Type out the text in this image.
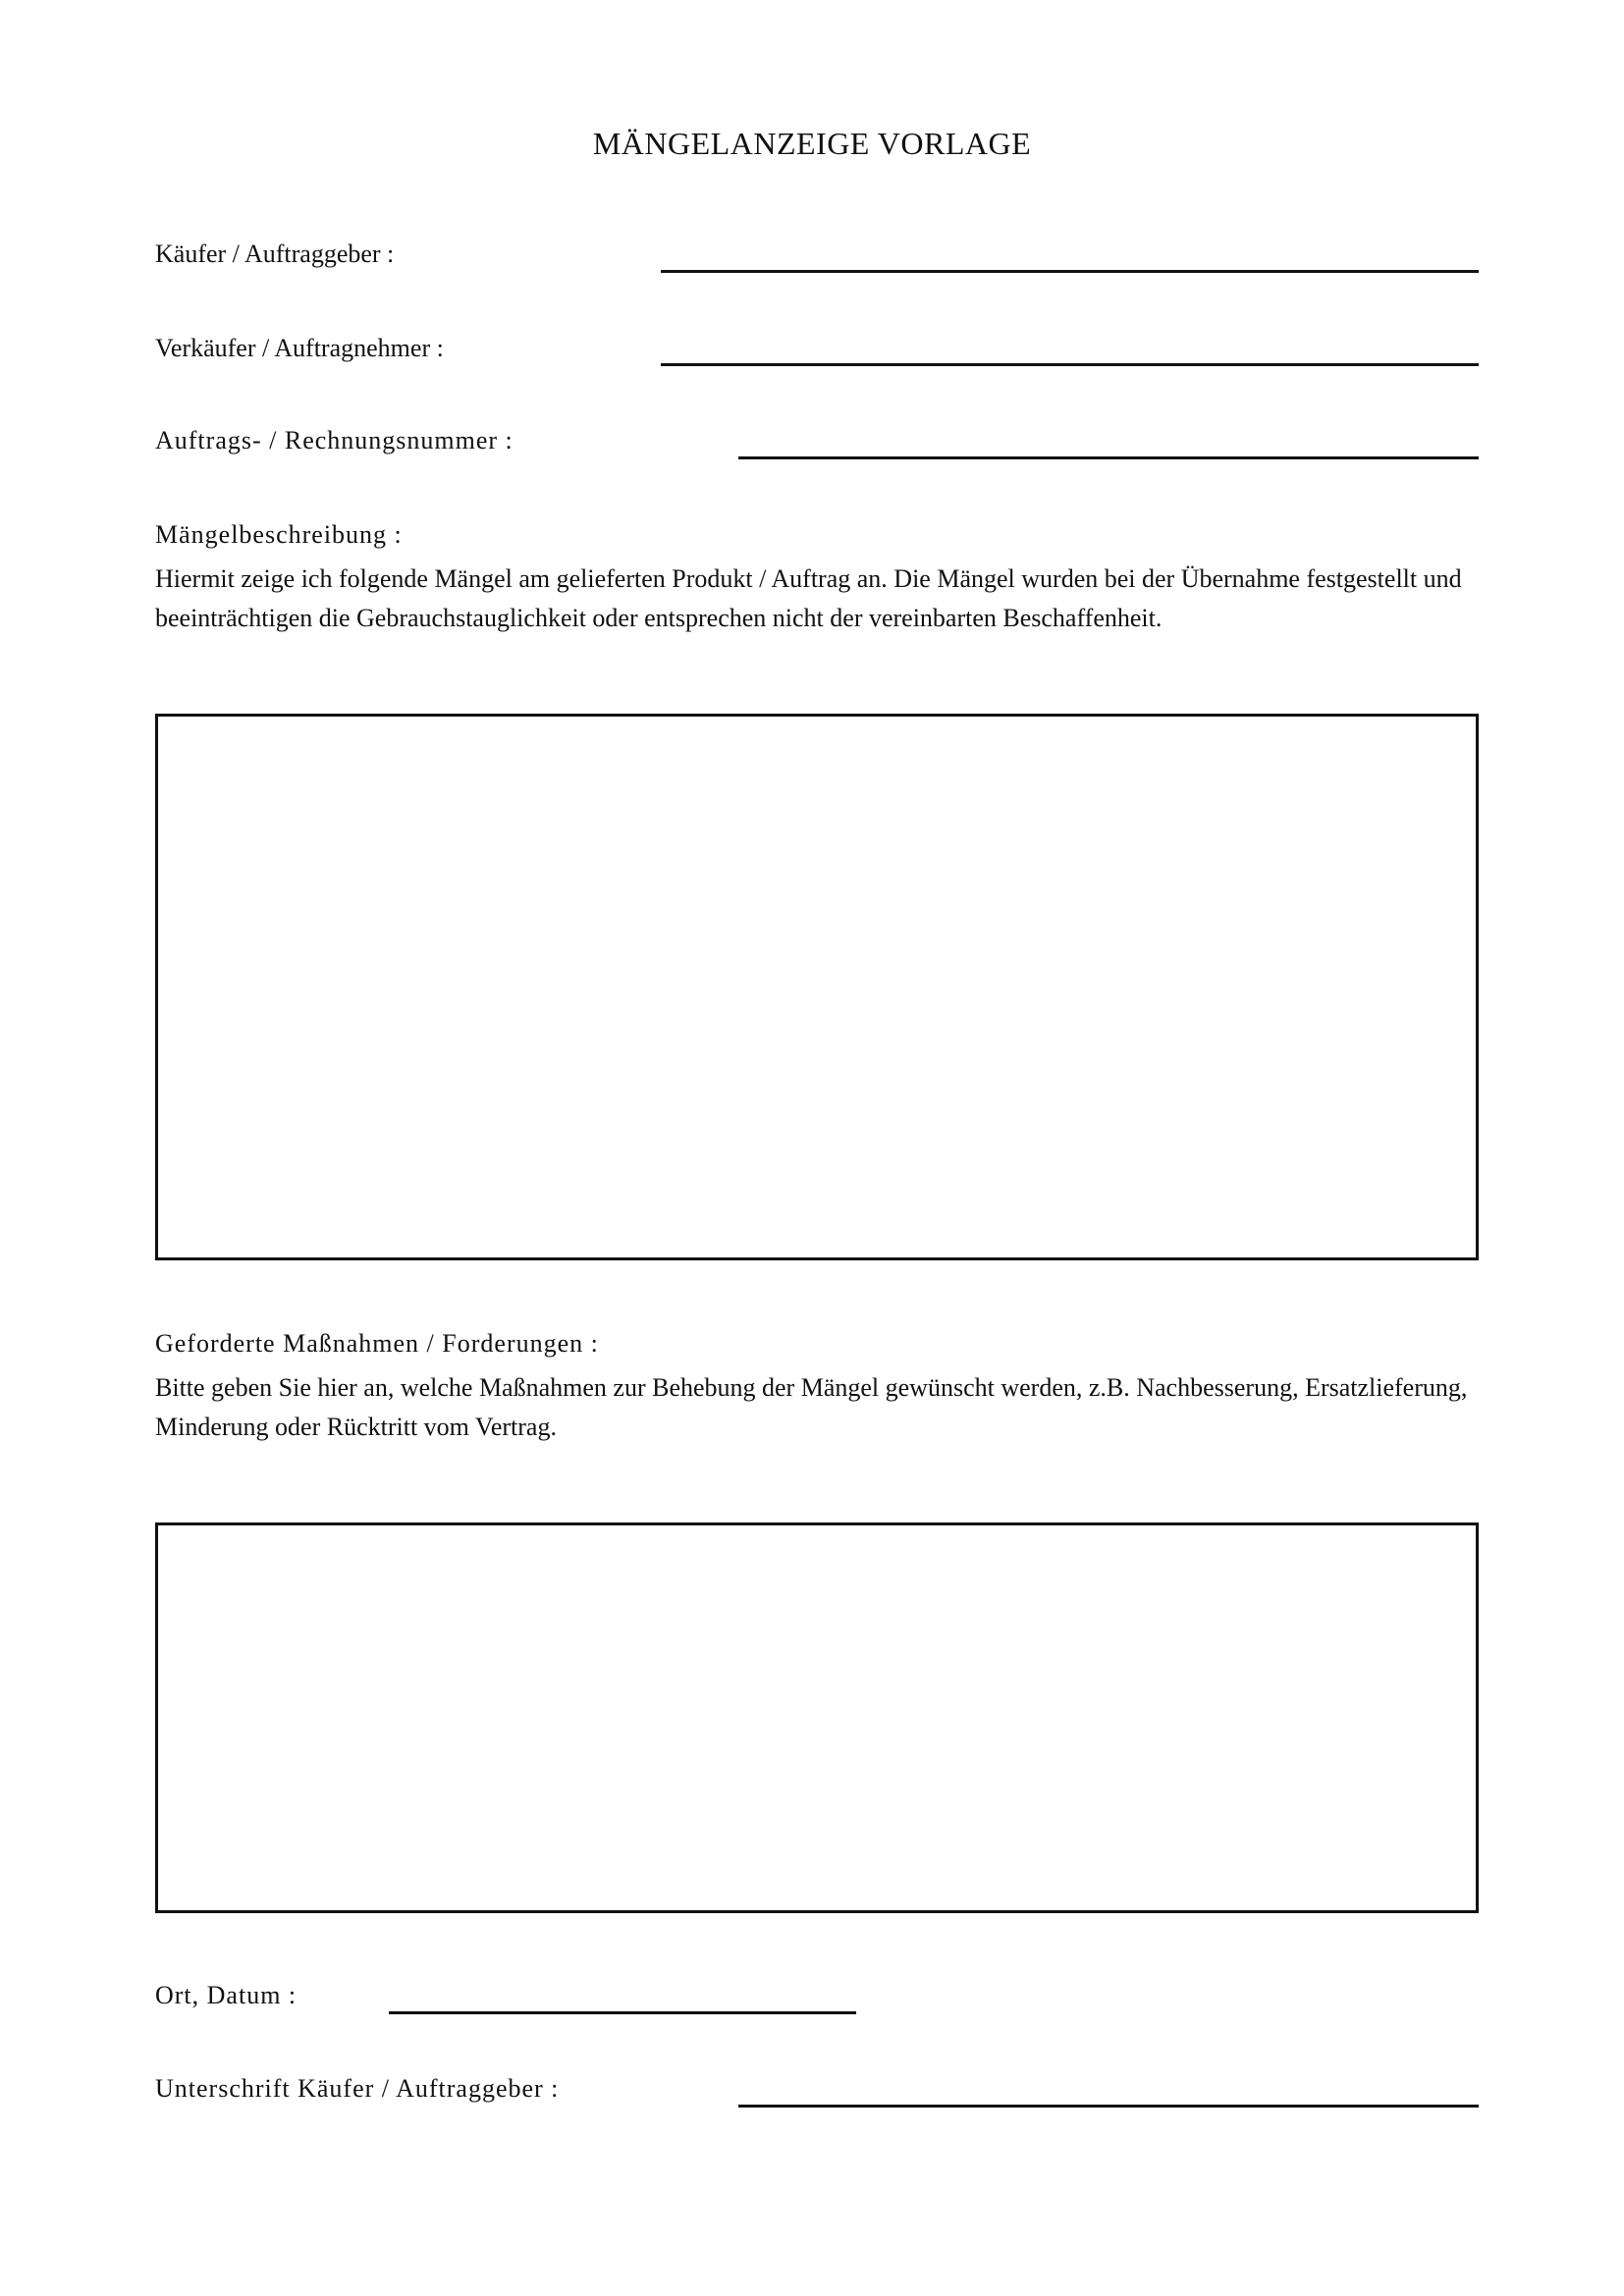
MÄNGELANZEIGE VORLAGE
Käufer / Auftraggeber :
Verkäufer / Auftragnehmer :
Auftrags- / Rechnungsnummer :
Mängelbeschreibung :
Hiermit zeige ich folgende Mängel am gelieferten Produkt / Auftrag an. Die Mängel wurden bei der Übernahme festgestellt und beeinträchtigen die Gebrauchstauglichkeit oder entsprechen nicht der vereinbarten Beschaffenheit.
Geforderte Maßnahmen / Forderungen :
Bitte geben Sie hier an, welche Maßnahmen zur Behebung der Mängel gewünscht werden, z.B. Nachbesserung, Ersatzlieferung, Minderung oder Rücktritt vom Vertrag.
Ort, Datum :
Unterschrift Käufer / Auftraggeber :
